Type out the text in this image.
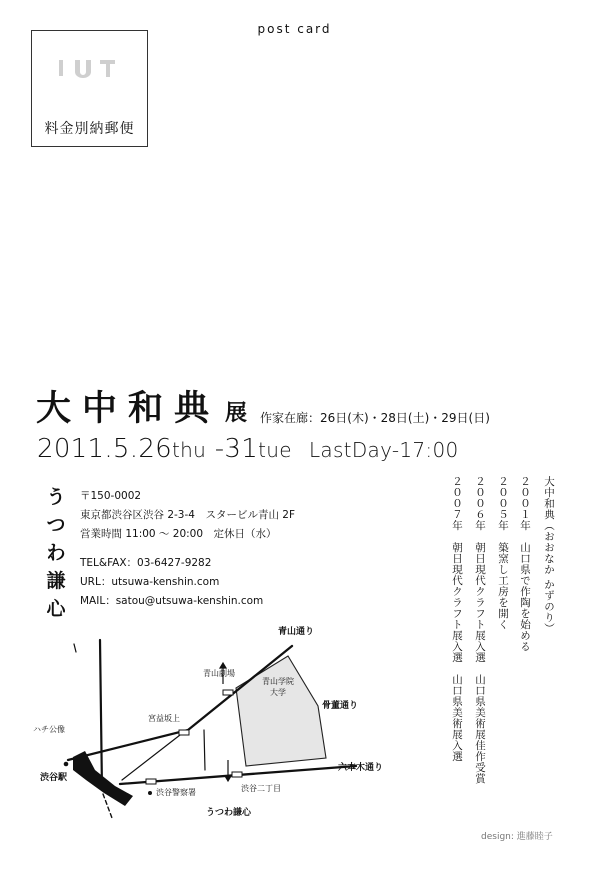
post card
料金別納郵便
大中和典 展 作家在廊：26日(木)・28日(土)・29日(日)
2011.5.26thu -31tue LastDay-17:00
う
つ
わ
謙
心
〒150-0002
東京都渋谷区渋谷 2-3-4　スタービル青山 2F
営業時間 11:00 ～ 20:00　定休日（水）
TEL&FAX：03-6427-9282
URL：utsuwa-kenshin.com
MAIL：satou@utsuwa-kenshin.com	大中和典（おおなか かずのり）
２００１年　山口県で作陶を始める
２００５年　築窯し工房を開く
２００６年　朝日現代クラフト展入選　山口県美術展佳作受賞
２００７年　朝日現代クラフト展入選　山口県美術展入選
青山通り
青山劇場
青山学院
大学
骨董通り
宮益坂上
ハチ公像
渋谷駅
六本木通り
渋谷警察署	渋谷二丁目
うつわ謙心
design: 進藤睦子
